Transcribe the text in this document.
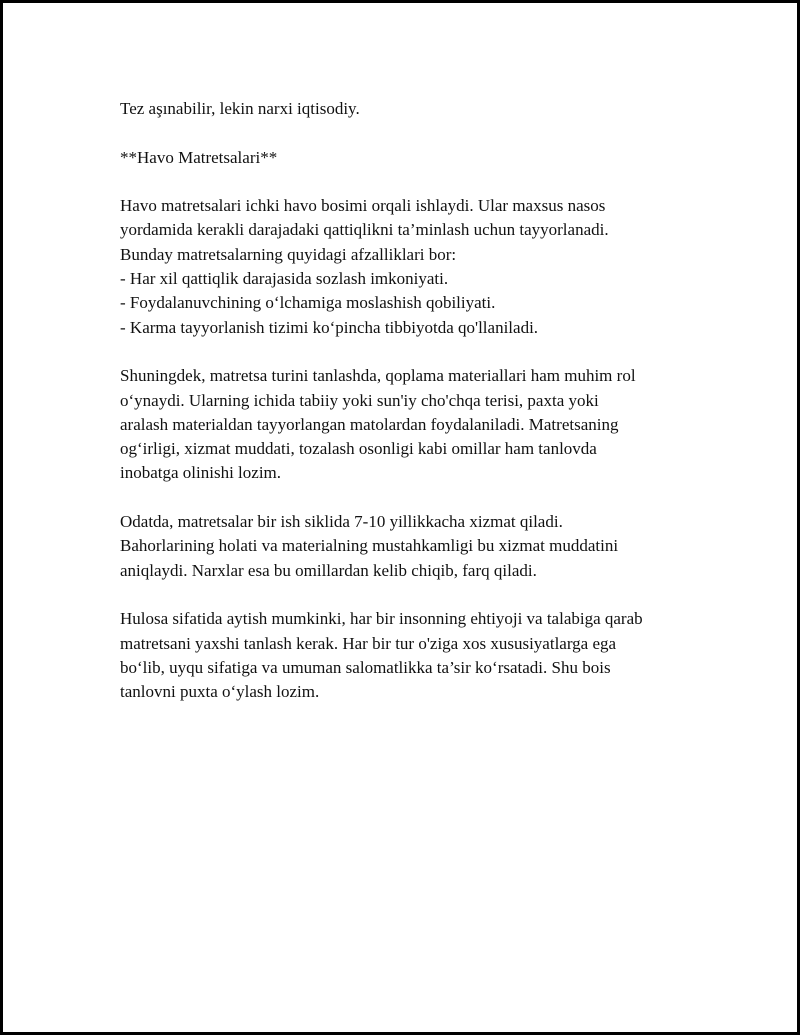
Tez aşınabilir, lekin narxi iqtisodiy.
**Havo Matretsalari**
Havo matretsalari ichki havo bosimi orqali ishlaydi. Ular maxsus nasos
yordamida kerakli darajadaki qattiqlikni ta’minlash uchun tayyorlanadi.
Bunday matretsalarning quyidagi afzalliklari bor:
- Har xil qattiqlik darajasida sozlash imkoniyati.
- Foydalanuvchining o‘lchamiga moslashish qobiliyati.
- Karma tayyorlanish tizimi ko‘pincha tibbiyotda qo'llaniladi.
Shuningdek, matretsa turini tanlashda, qoplama materiallari ham muhim rol
o‘ynaydi. Ularning ichida tabiiy yoki sun'iy cho'chqa terisi, paxta yoki
aralash materialdan tayyorlangan matolardan foydalaniladi. Matretsaning
og‘irligi, xizmat muddati, tozalash osonligi kabi omillar ham tanlovda
inobatga olinishi lozim.
Odatda, matretsalar bir ish siklida 7-10 yillikkacha xizmat qiladi.
Bahorlarining holati va materialning mustahkamligi bu xizmat muddatini
aniqlaydi. Narxlar esa bu omillardan kelib chiqib, farq qiladi.
Hulosa sifatida aytish mumkinki, har bir insonning ehtiyoji va talabiga qarab
matretsani yaxshi tanlash kerak. Har bir tur o'ziga xos xususiyatlarga ega
bo‘lib, uyqu sifatiga va umuman salomatlikka ta’sir ko‘rsatadi. Shu bois
tanlovni puxta o‘ylash lozim.
